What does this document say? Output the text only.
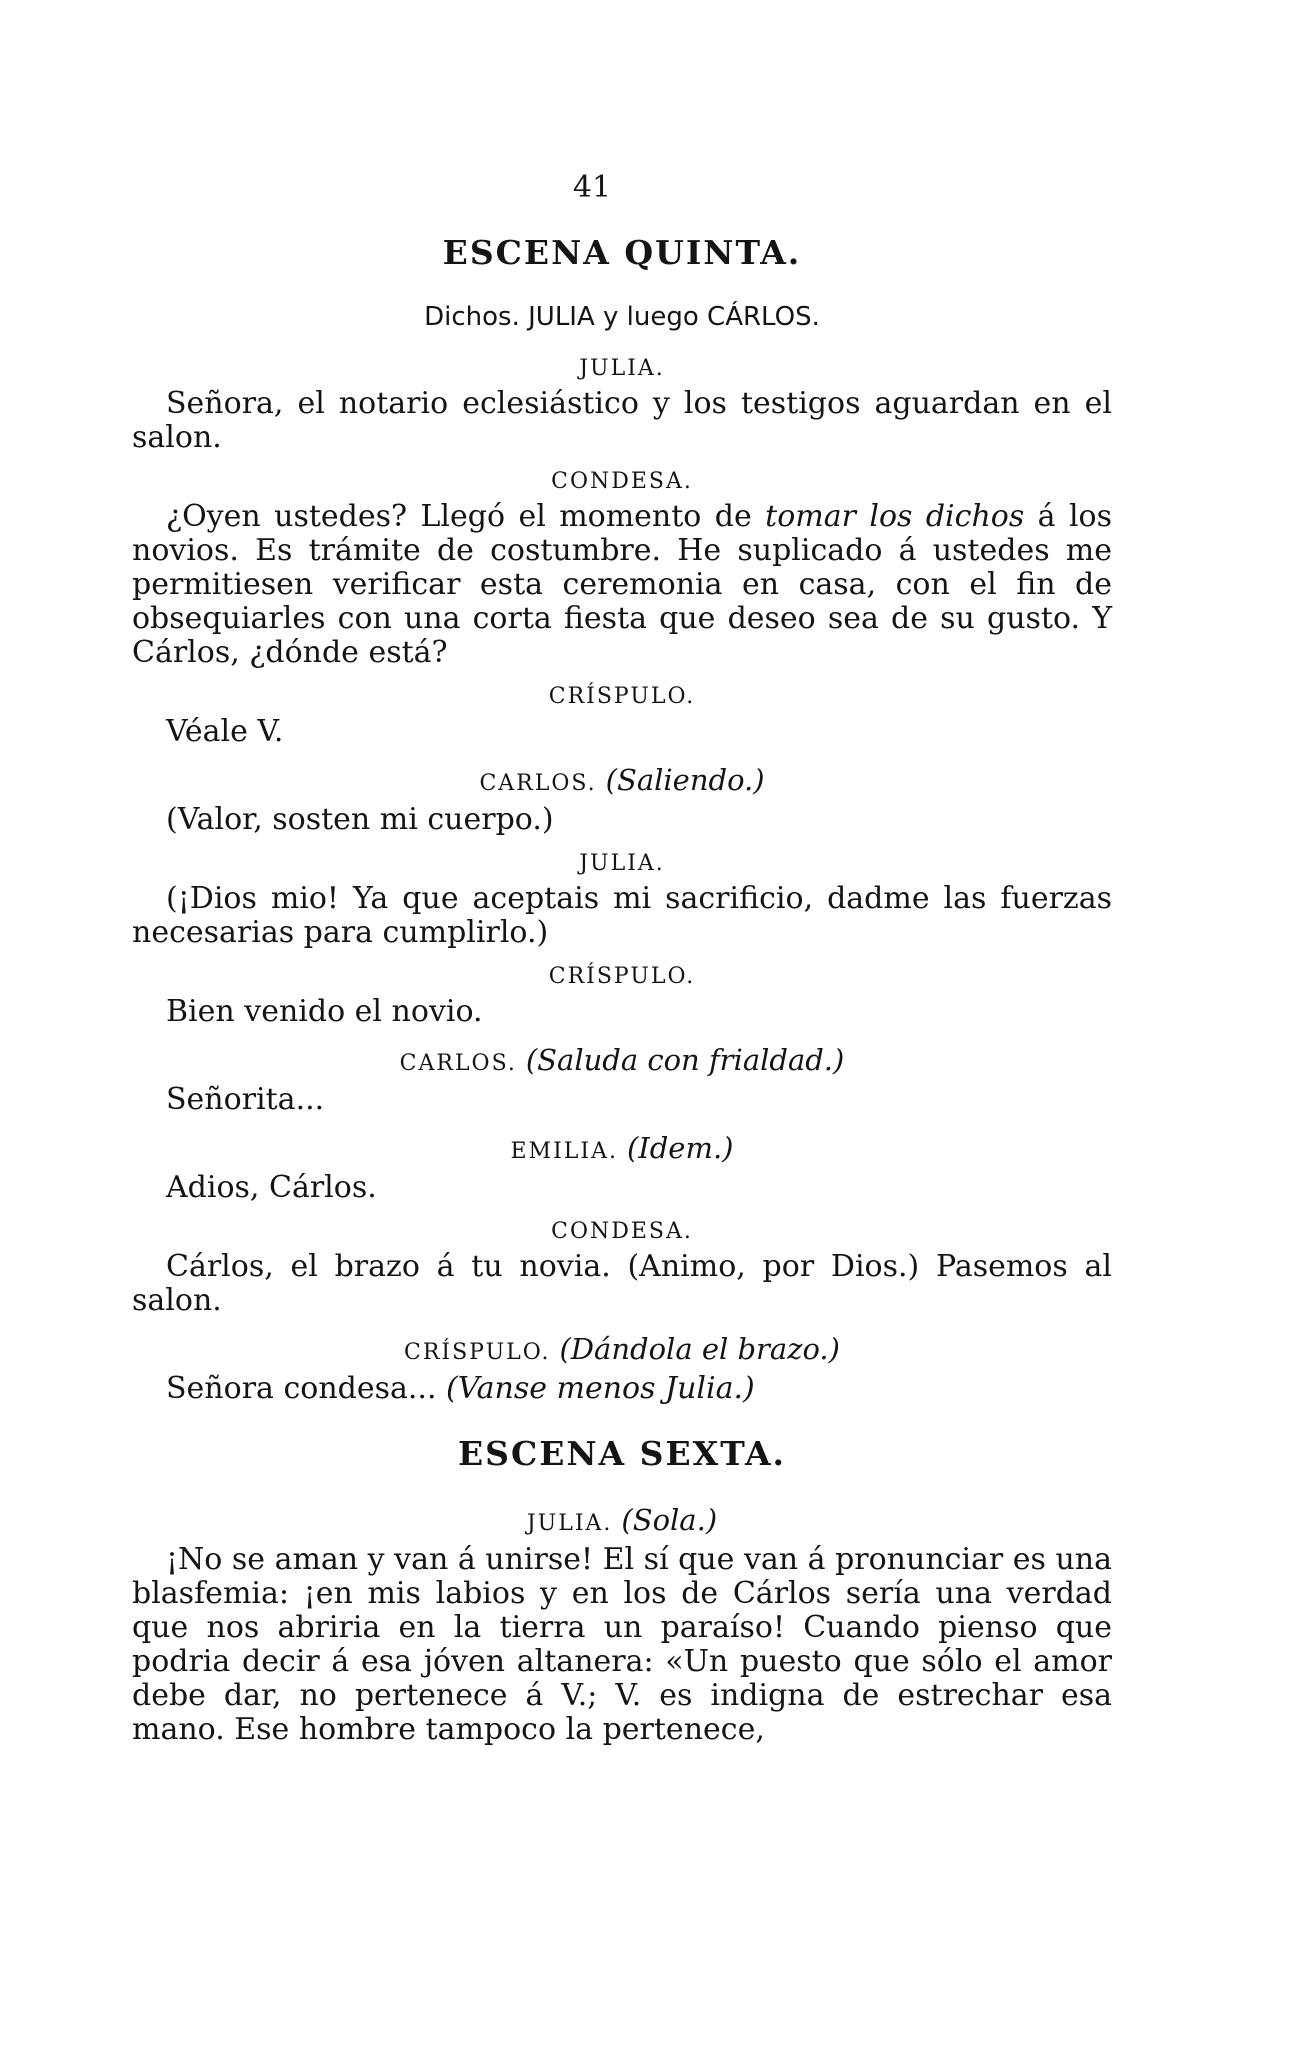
41
ESCENA QUINTA.
Dichos. JULIA y luego CÁRLOS.
JULIA.

Señora, el notario eclesiástico y los testigos aguardan en el salon.

CONDESA.

¿Oyen ustedes? Llegó el momento de tomar los dichos á los novios. Es trámite de costumbre. He suplicado á ustedes me permitiesen verificar esta ceremonia en casa, con el fin de obsequiarles con una corta fiesta que deseo sea de su gusto. Y Cárlos, ¿dónde está?

CRÍSPULO.

Véale V.

CARLOS. (Saliendo.)

(Valor, sosten mi cuerpo.)

JULIA.

(¡Dios mio! Ya que aceptais mi sacrificio, dadme las fuerzas necesarias para cumplirlo.)

CRÍSPULO.

Bien venido el novio.

CARLOS. (Saluda con frialdad.)

Señorita...

EMILIA. (Idem.)

Adios, Cárlos.

CONDESA.

Cárlos, el brazo á tu novia. (Animo, por Dios.) Pasemos al salon.

CRÍSPULO. (Dándola el brazo.)

Señora condesa... (Vanse menos Julia.)

ESCENA SEXTA.
JULIA. (Sola.)

¡No se aman y van á unirse! El sí que van á pronunciar es una blasfemia: ¡en mis labios y en los de Cárlos sería una verdad que nos abriria en la tierra un paraíso! Cuando pienso que podria decir á esa jóven altanera: «Un puesto que sólo el amor debe dar, no pertenece á V.; V. es indigna de estrechar esa mano. Ese hombre tampoco la pertenece,
